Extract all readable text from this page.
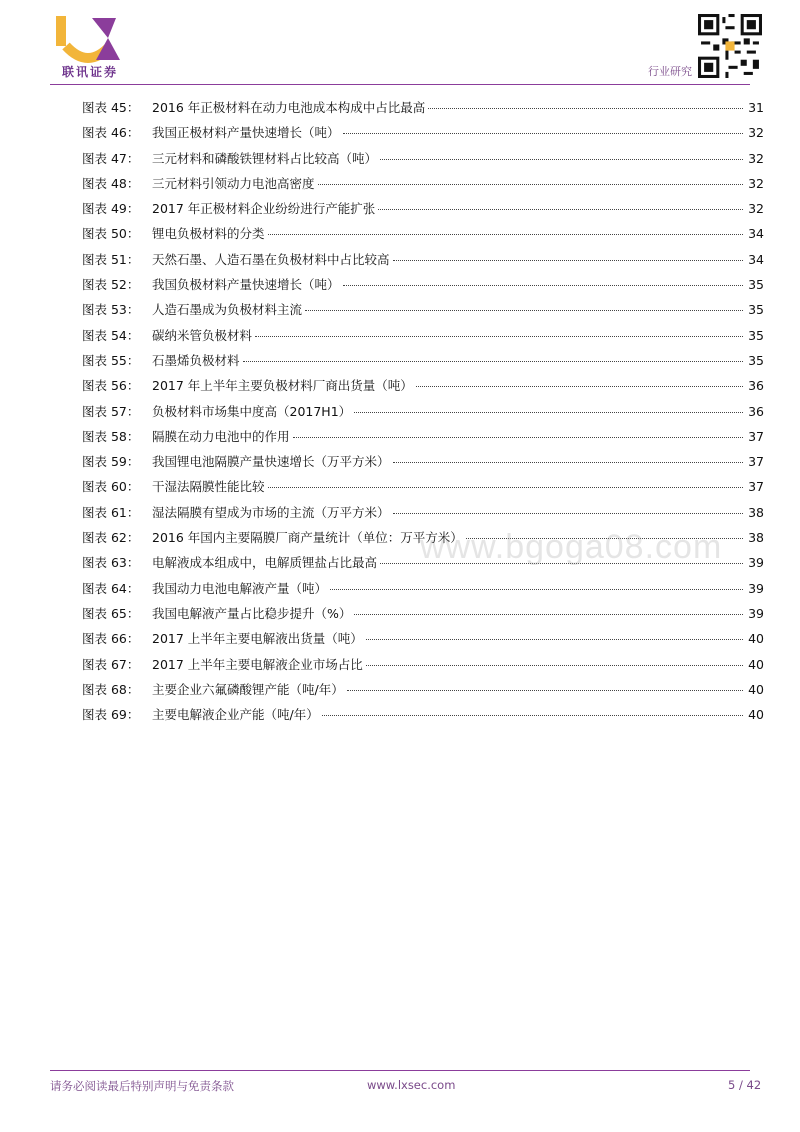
联讯证券	行业研究
图表 45：	2016 年正极材料在动力电池成本构成中占比最高	31
图表 46：	我国正极材料产量快速增长（吨）	32
图表 47：	三元材料和磷酸铁锂材料占比较高（吨）	32
图表 48：	三元材料引领动力电池高密度	32
图表 49：	2017 年正极材料企业纷纷进行产能扩张	32
图表 50：	锂电负极材料的分类	34
图表 51：	天然石墨、人造石墨在负极材料中占比较高	34
图表 52：	我国负极材料产量快速增长（吨）	35
图表 53：	人造石墨成为负极材料主流	35
图表 54：	碳纳米管负极材料	35
图表 55：	石墨烯负极材料	35
图表 56：	2017 年上半年主要负极材料厂商出货量（吨）	36
图表 57：	负极材料市场集中度高（2017H1）	36
图表 58：	隔膜在动力电池中的作用	37
图表 59：	我国锂电池隔膜产量快速增长（万平方米）	37
图表 60：	干湿法隔膜性能比较	37
图表 61：	湿法隔膜有望成为市场的主流（万平方米）	38
图表 62：	2016 年国内主要隔膜厂商产量统计（单位：万平方米）	38
图表 63：	电解液成本组成中，电解质锂盐占比最高	39
图表 64：	我国动力电池电解液产量（吨）	39
图表 65：	我国电解液产量占比稳步提升（%）	39
图表 66：	2017 上半年主要电解液出货量（吨）	40
图表 67：	2017 上半年主要电解液企业市场占比	40
图表 68：	主要企业六氟磷酸锂产能（吨/年）	40
图表 69：	主要电解液企业产能（吨/年）	40
www.bgoga08.com
请务必阅读最后特别声明与免责条款	www.lxsec.com	5 / 42
